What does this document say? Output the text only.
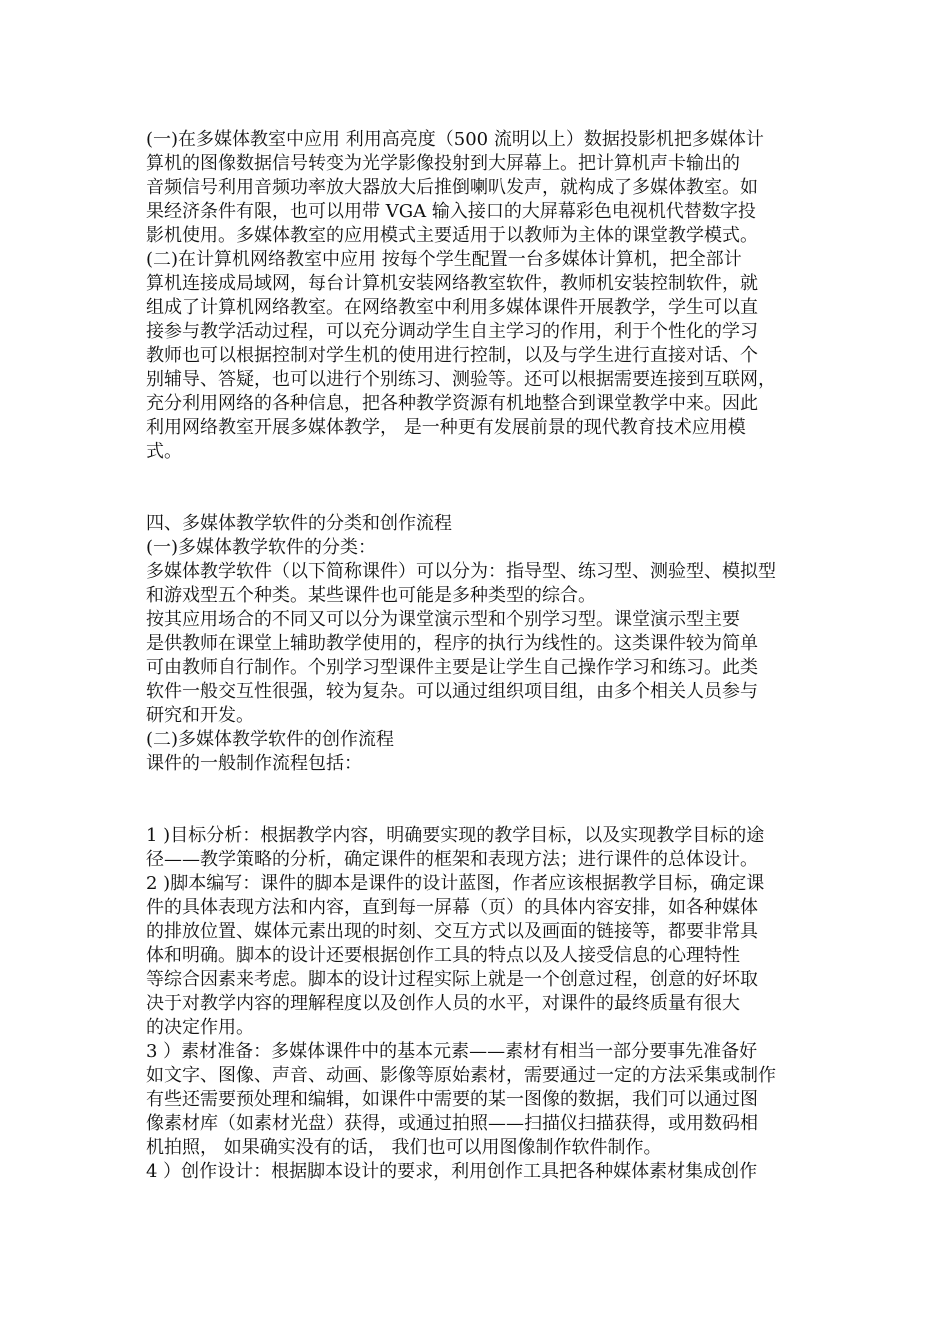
(一)在多媒体教室中应用 利用高亮度（500 流明以上）数据投影机把多媒体计
算机的图像数据信号转变为光学影像投射到大屏幕上。把计算机声卡输出的
音频信号利用音频功率放大器放大后推倒喇叭发声，就构成了多媒体教室。如
果经济条件有限，也可以用带 VGA 输入接口的大屏幕彩色电视机代替数字投
影机使用。多媒体教室的应用模式主要适用于以教师为主体的课堂教学模式。
(二)在计算机网络教室中应用 按每个学生配置一台多媒体计算机，把全部计
算机连接成局域网，每台计算机安装网络教室软件，教师机安装控制软件，就
组成了计算机网络教室。在网络教室中利用多媒体课件开展教学，学生可以直
接参与教学活动过程，可以充分调动学生自主学习的作用，利于个性化的学习
教师也可以根据控制对学生机的使用进行控制，以及与学生进行直接对话、个
别辅导、答疑，也可以进行个别练习、测验等。还可以根据需要连接到互联网，
充分利用网络的各种信息，把各种教学资源有机地整合到课堂教学中来。因此
利用网络教室开展多媒体教学， 是一种更有发展前景的现代教育技术应用模
式。
四、多媒体教学软件的分类和创作流程
(一)多媒体教学软件的分类：
多媒体教学软件（以下简称课件）可以分为：指导型、练习型、测验型、模拟型
和游戏型五个种类。某些课件也可能是多种类型的综合。
按其应用场合的不同又可以分为课堂演示型和个别学习型。课堂演示型主要
是供教师在课堂上辅助教学使用的，程序的执行为线性的。这类课件较为简单
可由教师自行制作。个别学习型课件主要是让学生自己操作学习和练习。此类
软件一般交互性很强，较为复杂。可以通过组织项目组，由多个相关人员参与
研究和开发。
(二)多媒体教学软件的创作流程
课件的一般制作流程包括：
1 )目标分析：根据教学内容，明确要实现的教学目标，以及实现教学目标的途
径——教学策略的分析，确定课件的框架和表现方法；进行课件的总体设计。
2 )脚本编写：课件的脚本是课件的设计蓝图，作者应该根据教学目标，确定课
件的具体表现方法和内容，直到每一屏幕（页）的具体内容安排，如各种媒体
的排放位置、媒体元素出现的时刻、交互方式以及画面的链接等，都要非常具
体和明确。脚本的设计还要根据创作工具的特点以及人接受信息的心理特性
等综合因素来考虑。脚本的设计过程实际上就是一个创意过程，创意的好坏取
决于对教学内容的理解程度以及创作人员的水平，对课件的最终质量有很大
的决定作用。
3 ）素材准备：多媒体课件中的基本元素——素材有相当一部分要事先准备好
如文字、图像、声音、动画、影像等原始素材，需要通过一定的方法采集或制作
有些还需要预处理和编辑，如课件中需要的某一图像的数据，我们可以通过图
像素材库（如素材光盘）获得，或通过拍照——扫描仪扫描获得，或用数码相
机拍照， 如果确实没有的话， 我们也可以用图像制作软件制作。
4 ）创作设计：根据脚本设计的要求，利用创作工具把各种媒体素材集成创作
